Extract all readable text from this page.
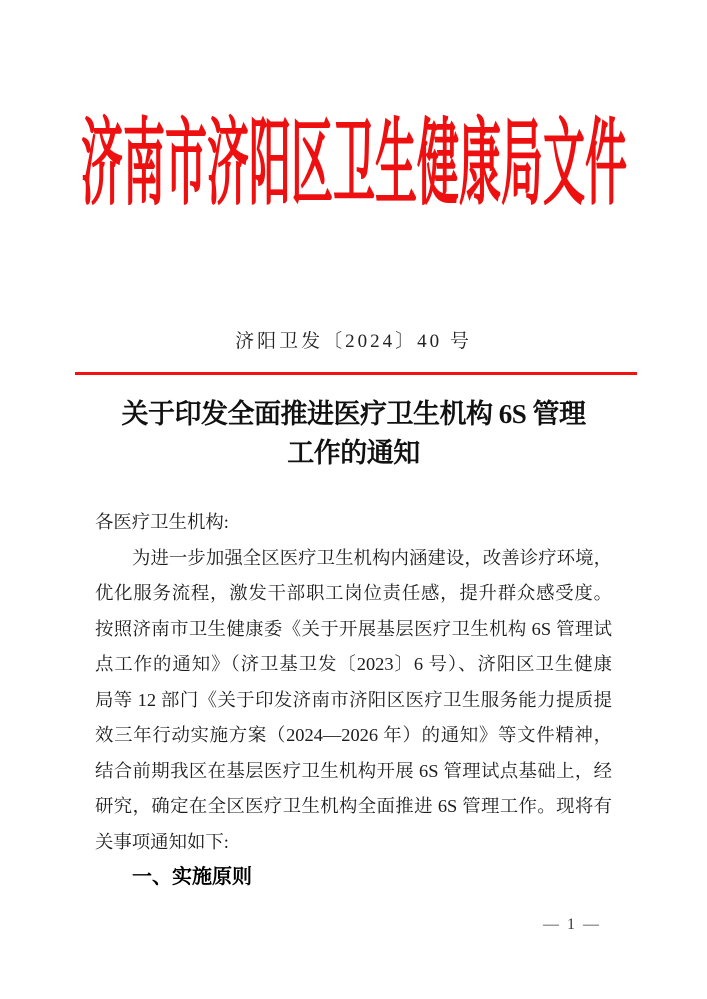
济南市济阳区卫生健康局文件
济阳卫发〔2024〕40 号
关于印发全面推进医疗卫生机构 6S 管理
工作的通知
各医疗卫生机构:
为进一步加强全区医疗卫生机构内涵建设，改善诊疗环境，
优化服务流程，激发干部职工岗位责任感，提升群众感受度。
按照济南市卫生健康委《关于开展基层医疗卫生机构 6S 管理试
点工作的通知》（济卫基卫发〔2023〕6 号）、济阳区卫生健康
局等 12 部门《关于印发济南市济阳区医疗卫生服务能力提质提
效三年行动实施方案（2024—2026 年）的通知》等文件精神，
结合前期我区在基层医疗卫生机构开展 6S 管理试点基础上，经
研究，确定在全区医疗卫生机构全面推进 6S 管理工作。现将有
关事项通知如下:
一、实施原则
— 1 —
